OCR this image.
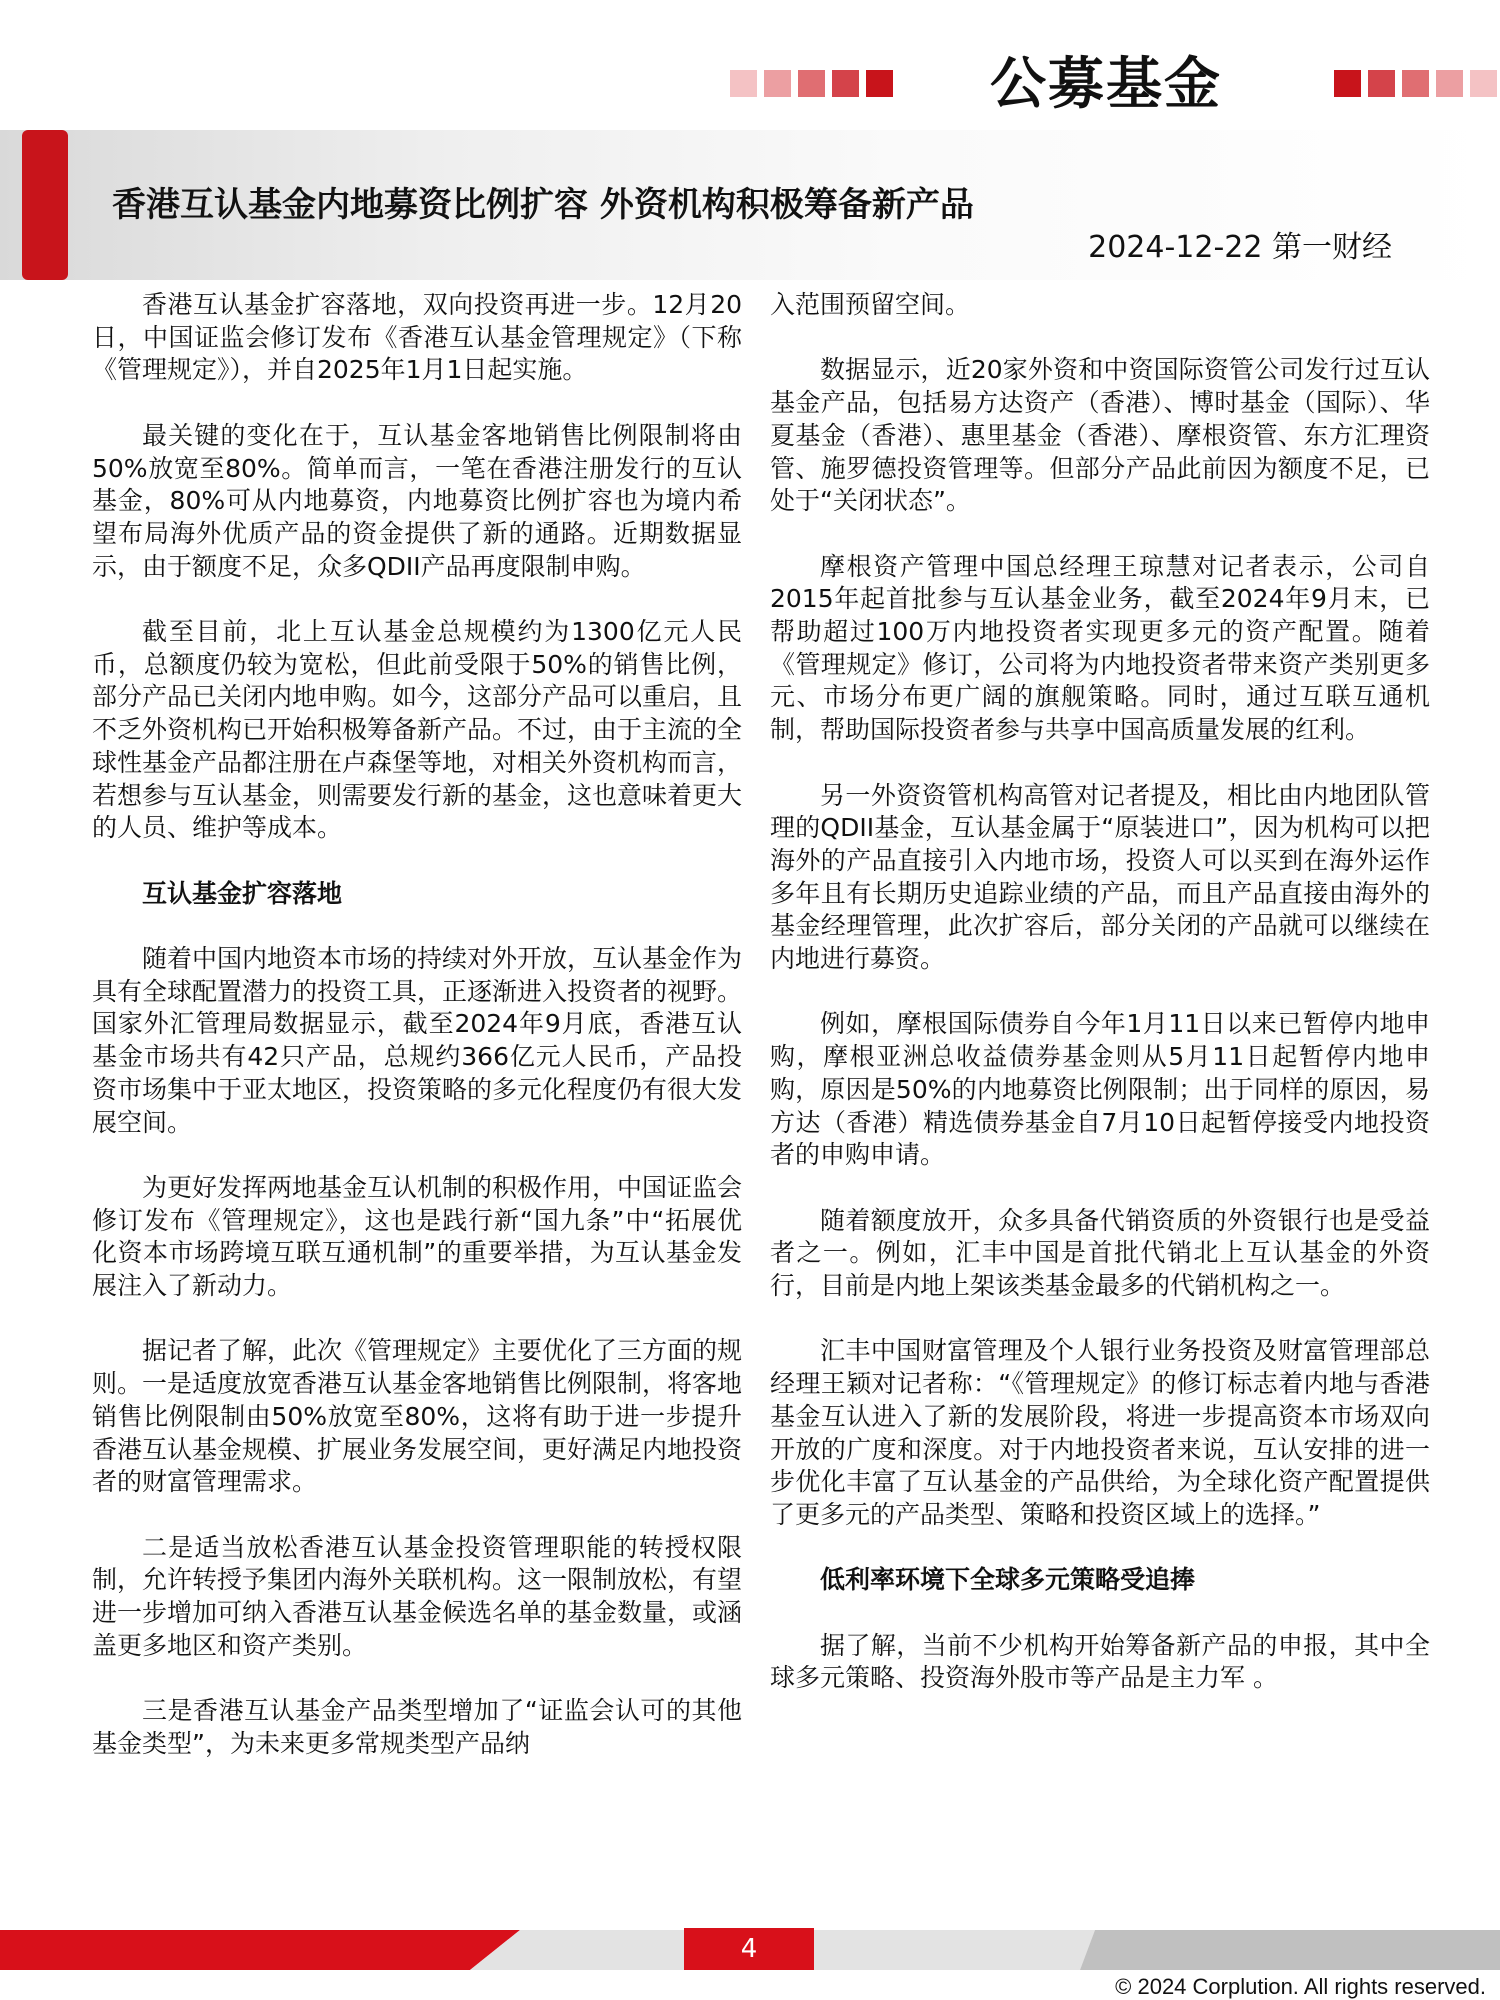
公募基金
香港互认基金内地募资比例扩容 外资机构积极筹备新产品
2024-12-22 第一财经

香港互认基金扩容落地，双向投资再进一步。12月20日，中国证监会修订发布《香港互认基金管理规定》（下称《管理规定》），并自2025年1月1日起实施。

最关键的变化在于，互认基金客地销售比例限制将由50%放宽至80%。简单而言，一笔在香港注册发行的互认基金，80%可从内地募资，内地募资比例扩容也为境内希望布局海外优质产品的资金提供了新的通路。近期数据显示，由于额度不足，众多QDII产品再度限制申购。

截至目前，北上互认基金总规模约为1300亿元人民币，总额度仍较为宽松，但此前受限于50%的销售比例，部分产品已关闭内地申购。如今，这部分产品可以重启，且不乏外资机构已开始积极筹备新产品。不过，由于主流的全球性基金产品都注册在卢森堡等地，对相关外资机构而言，若想参与互认基金，则需要发行新的基金，这也意味着更大的人员、维护等成本。

互认基金扩容落地

随着中国内地资本市场的持续对外开放，互认基金作为具有全球配置潜力的投资工具，正逐渐进入投资者的视野。国家外汇管理局数据显示，截至2024年9月底，香港互认基金市场共有42只产品，总规约366亿元人民币，产品投资市场集中于亚太地区，投资策略的多元化程度仍有很大发展空间。

为更好发挥两地基金互认机制的积极作用，中国证监会修订发布《管理规定》，这也是践行新“国九条”中“拓展优化资本市场跨境互联互通机制”的重要举措，为互认基金发展注入了新动力。

据记者了解，此次《管理规定》主要优化了三方面的规则。一是适度放宽香港互认基金客地销售比例限制，将客地销售比例限制由50%放宽至80%，这将有助于进一步提升香港互认基金规模、扩展业务发展空间，更好满足内地投资者的财富管理需求。

二是适当放松香港互认基金投资管理职能的转授权限制，允许转授予集团内海外关联机构。这一限制放松，有望进一步增加可纳入香港互认基金候选名单的基金数量，或涵盖更多地区和资产类别。

三是香港互认基金产品类型增加了“证监会认可的其他基金类型”，为未来更多常规类型产品纳

入范围预留空间。

数据显示，近20家外资和中资国际资管公司发行过互认基金产品，包括易方达资产（香港）、博时基金（国际）、华夏基金（香港）、惠里基金（香港）、摩根资管、东方汇理资管、施罗德投资管理等。但部分产品此前因为额度不足，已处于“关闭状态”。

摩根资产管理中国总经理王琼慧对记者表示，公司自2015年起首批参与互认基金业务，截至2024年9月末，已帮助超过100万内地投资者实现更多元的资产配置。随着《管理规定》修订，公司将为内地投资者带来资产类别更多元、市场分布更广阔的旗舰策略。同时，通过互联互通机制，帮助国际投资者参与共享中国高质量发展的红利。

另一外资资管机构高管对记者提及，相比由内地团队管理的QDII基金，互认基金属于“原装进口”，因为机构可以把海外的产品直接引入内地市场，投资人可以买到在海外运作多年且有长期历史追踪业绩的产品，而且产品直接由海外的基金经理管理，此次扩容后，部分关闭的产品就可以继续在内地进行募资。

例如，摩根国际债券自今年1月11日以来已暂停内地申购，摩根亚洲总收益债券基金则从5月11日起暂停内地申购，原因是50%的内地募资比例限制；出于同样的原因，易方达（香港）精选债券基金自7月10日起暂停接受内地投资者的申购申请。

随着额度放开，众多具备代销资质的外资银行也是受益者之一。例如，汇丰中国是首批代销北上互认基金的外资行，目前是内地上架该类基金最多的代销机构之一。

汇丰中国财富管理及个人银行业务投资及财富管理部总经理王颖对记者称：“《管理规定》的修订标志着内地与香港基金互认进入了新的发展阶段，将进一步提高资本市场双向开放的广度和深度。对于内地投资者来说，互认安排的进一步优化丰富了互认基金的产品供给，为全球化资产配置提供了更多元的产品类型、策略和投资区域上的选择。”

低利率环境下全球多元策略受追捧

据了解，当前不少机构开始筹备新产品的申报，其中全球多元策略、投资海外股市等产品是主力军 。

4
© 2024 Corplution. All rights reserved.
